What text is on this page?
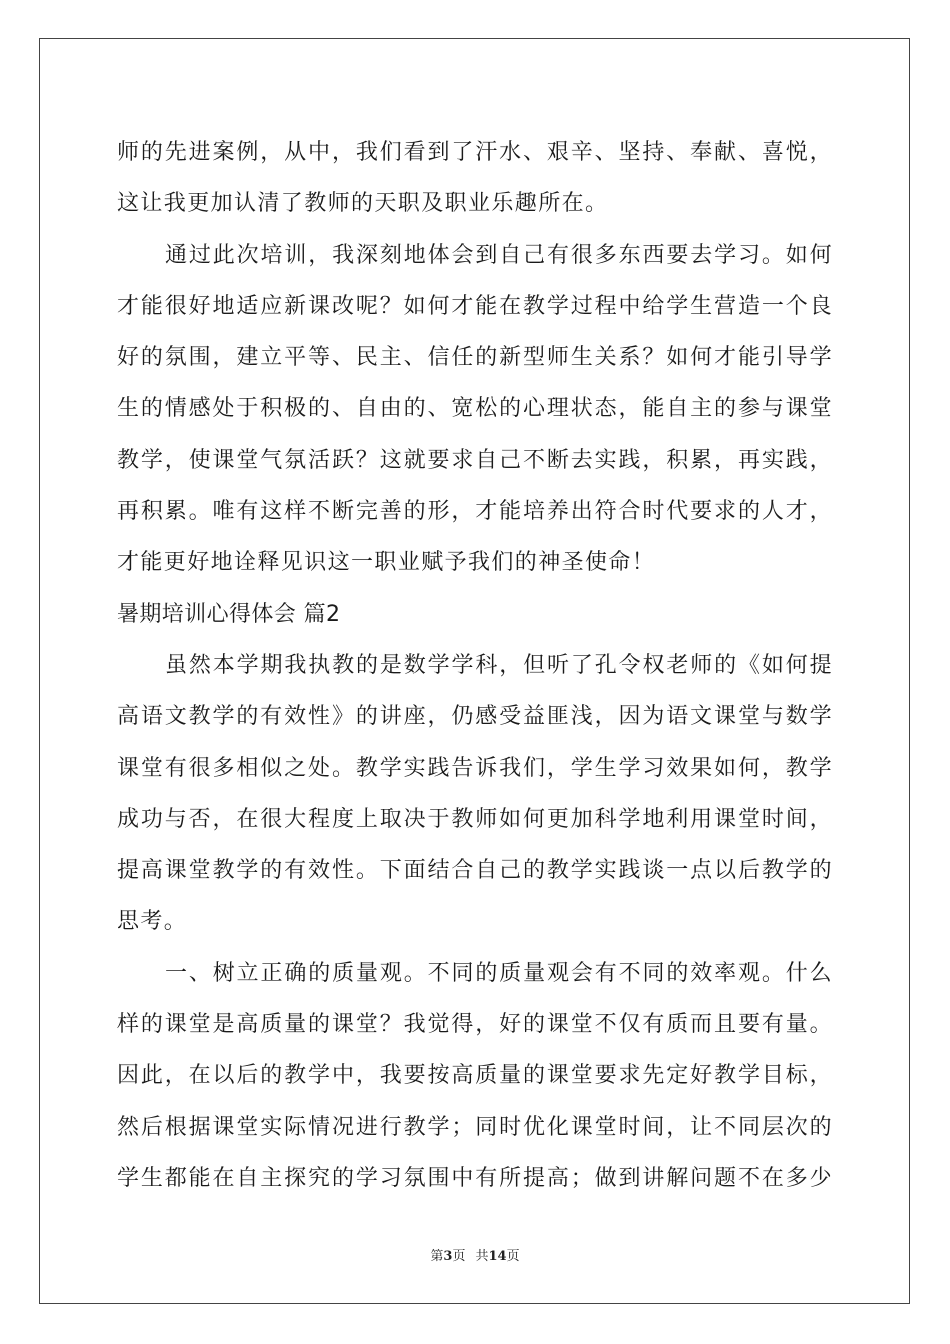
师的先进案例，从中，我们看到了汗水、艰辛、坚持、奉献、喜悦，
这让我更加认清了教师的天职及职业乐趣所在。
通过此次培训，我深刻地体会到自己有很多东西要去学习。如何
才能很好地适应新课改呢？如何才能在教学过程中给学生营造一个良
好的氛围，建立平等、民主、信任的新型师生关系？如何才能引导学
生的情感处于积极的、自由的、宽松的心理状态，能自主的参与课堂
教学，使课堂气氛活跃？这就要求自己不断去实践，积累，再实践，
再积累。唯有这样不断完善的形，才能培养出符合时代要求的人才，
才能更好地诠释见识这一职业赋予我们的神圣使命！
暑期培训心得体会 篇2
虽然本学期我执教的是数学学科，但听了孔令权老师的《如何提
高语文教学的有效性》的讲座，仍感受益匪浅，因为语文课堂与数学
课堂有很多相似之处。教学实践告诉我们，学生学习效果如何，教学
成功与否，在很大程度上取决于教师如何更加科学地利用课堂时间，
提高课堂教学的有效性。下面结合自己的教学实践谈一点以后教学的
思考。
一、树立正确的质量观。不同的质量观会有不同的效率观。什么
样的课堂是高质量的课堂？我觉得，好的课堂不仅有质而且要有量。
因此，在以后的教学中，我要按高质量的课堂要求先定好教学目标，
然后根据课堂实际情况进行教学；同时优化课堂时间，让不同层次的
学生都能在自主探究的学习氛围中有所提高；做到讲解问题不在多少
第3页 共14页
